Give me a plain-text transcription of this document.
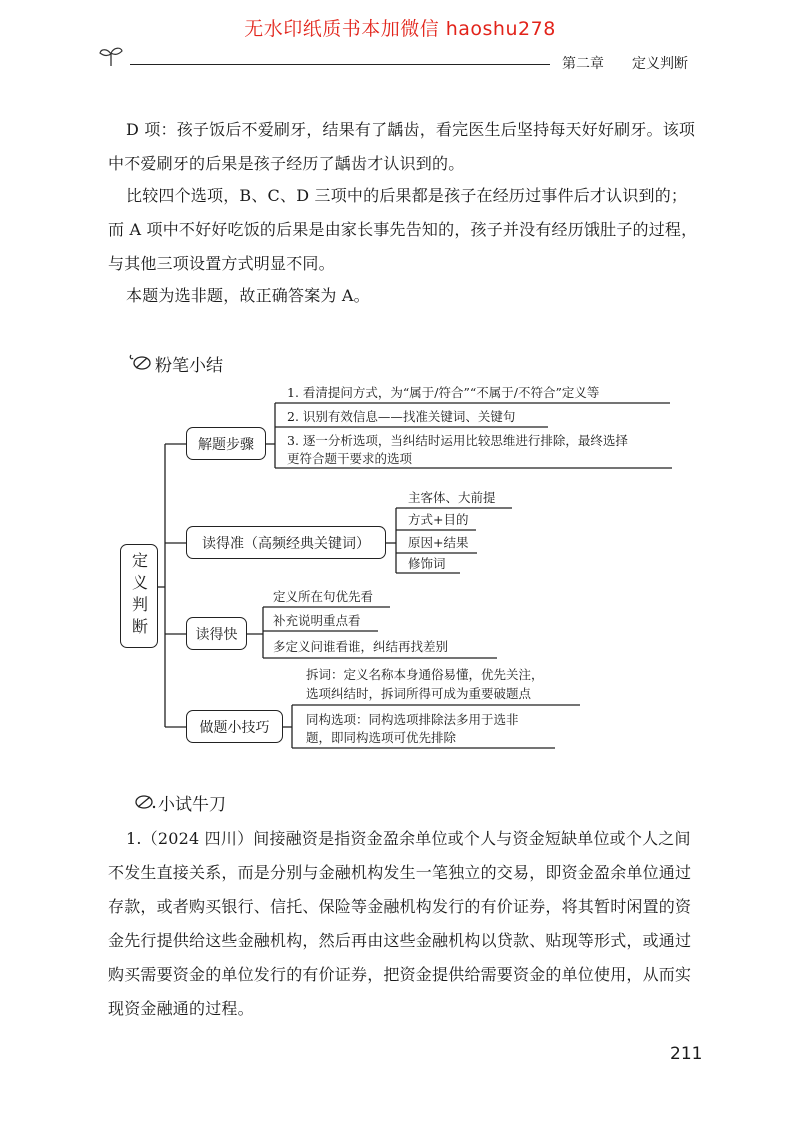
无水印纸质书本加微信 haoshu278
第二章 定义判断
D 项：孩子饭后不爱刷牙，结果有了龋齿，看完医生后坚持每天好好刷牙。该项中不爱刷牙的后果是孩子经历了龋齿才认识到的。
比较四个选项，B、C、D 三项中的后果都是孩子在经历过事件后才认识到的；而 A 项中不好好吃饭的后果是由家长事先告知的，孩子并没有经历饿肚子的过程，与其他三项设置方式明显不同。
本题为选非题，故正确答案为 A。
粉笔小结
定义判断
解题步骤
读得准（高频经典关键词）
读得快
做题小技巧
1. 看清提问方式，为“属于/符合”“不属于/不符合”定义等
2. 识别有效信息——找准关键词、关键句
3. 逐一分析选项，当纠结时运用比较思维进行排除，最终选择
更符合题干要求的选项
主客体、大前提
方式+目的
原因+结果
修饰词
定义所在句优先看
补充说明重点看
多定义问谁看谁，纠结再找差别
拆词：定义名称本身通俗易懂，优先关注，
选项纠结时，拆词所得可成为重要破题点
同构选项：同构选项排除法多用于选非
题，即同构选项可优先排除
小试牛刀
1.（2024 四川）间接融资是指资金盈余单位或个人与资金短缺单位或个人之间不发生直接关系，而是分别与金融机构发生一笔独立的交易，即资金盈余单位通过存款，或者购买银行、信托、保险等金融机构发行的有价证券，将其暂时闲置的资金先行提供给这些金融机构，然后再由这些金融机构以贷款、贴现等形式，或通过购买需要资金的单位发行的有价证券，把资金提供给需要资金的单位使用，从而实现资金融通的过程。
211
